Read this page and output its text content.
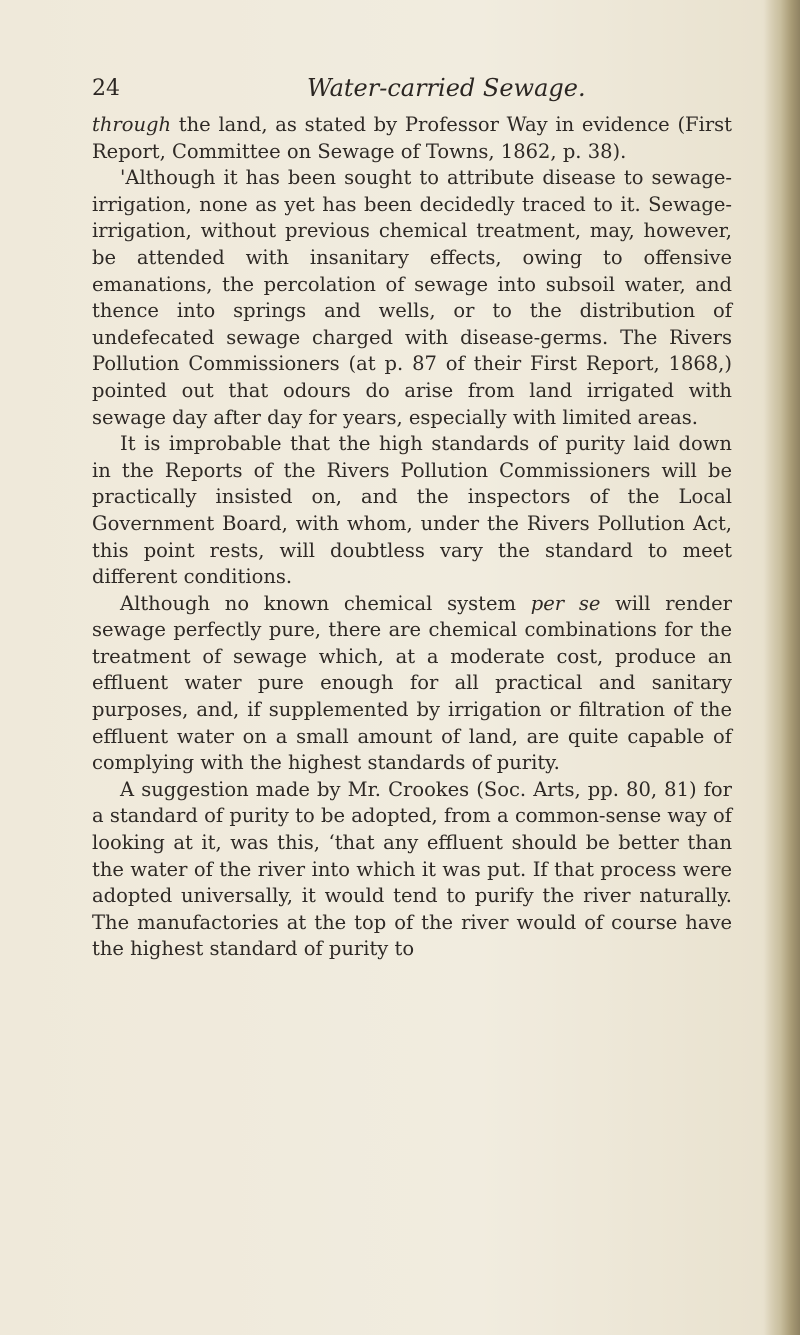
24	Water-carried Sewage.

through the land, as stated by Professor Way in evidence (First Report, Committee on Sewage of Towns, 1862, p. 38).

'Although it has been sought to attribute disease to sewage-irrigation, none as yet has been decidedly traced to it. Sewage-irrigation, without previous chemical treatment, may, however, be attended with insanitary effects, owing to offensive emanations, the percolation of sewage into subsoil water, and thence into springs and wells, or to the distribution of undefecated sewage charged with disease-germs. The Rivers Pollution Commissioners (at p. 87 of their First Report, 1868,) pointed out that odours do arise from land irrigated with sewage day after day for years, especially with limited areas.

It is improbable that the high standards of purity laid down in the Reports of the Rivers Pollution Commissioners will be practically insisted on, and the inspectors of the Local Government Board, with whom, under the Rivers Pollution Act, this point rests, will doubtless vary the standard to meet different conditions.

Although no known chemical system per se will render sewage perfectly pure, there are chemical combinations for the treatment of sewage which, at a moderate cost, produce an effluent water pure enough for all practical and sanitary purposes, and, if supplemented by irrigation or filtration of the effluent water on a small amount of land, are quite capable of complying with the highest standards of purity.

A suggestion made by Mr. Crookes (Soc. Arts, pp. 80, 81) for a standard of purity to be adopted, from a common-sense way of looking at it, was this, ‘that any effluent should be better than the water of the river into which it was put. If that process were adopted universally, it would tend to purify the river naturally. The manufactories at the top of the river would of course have the highest standard of purity to
